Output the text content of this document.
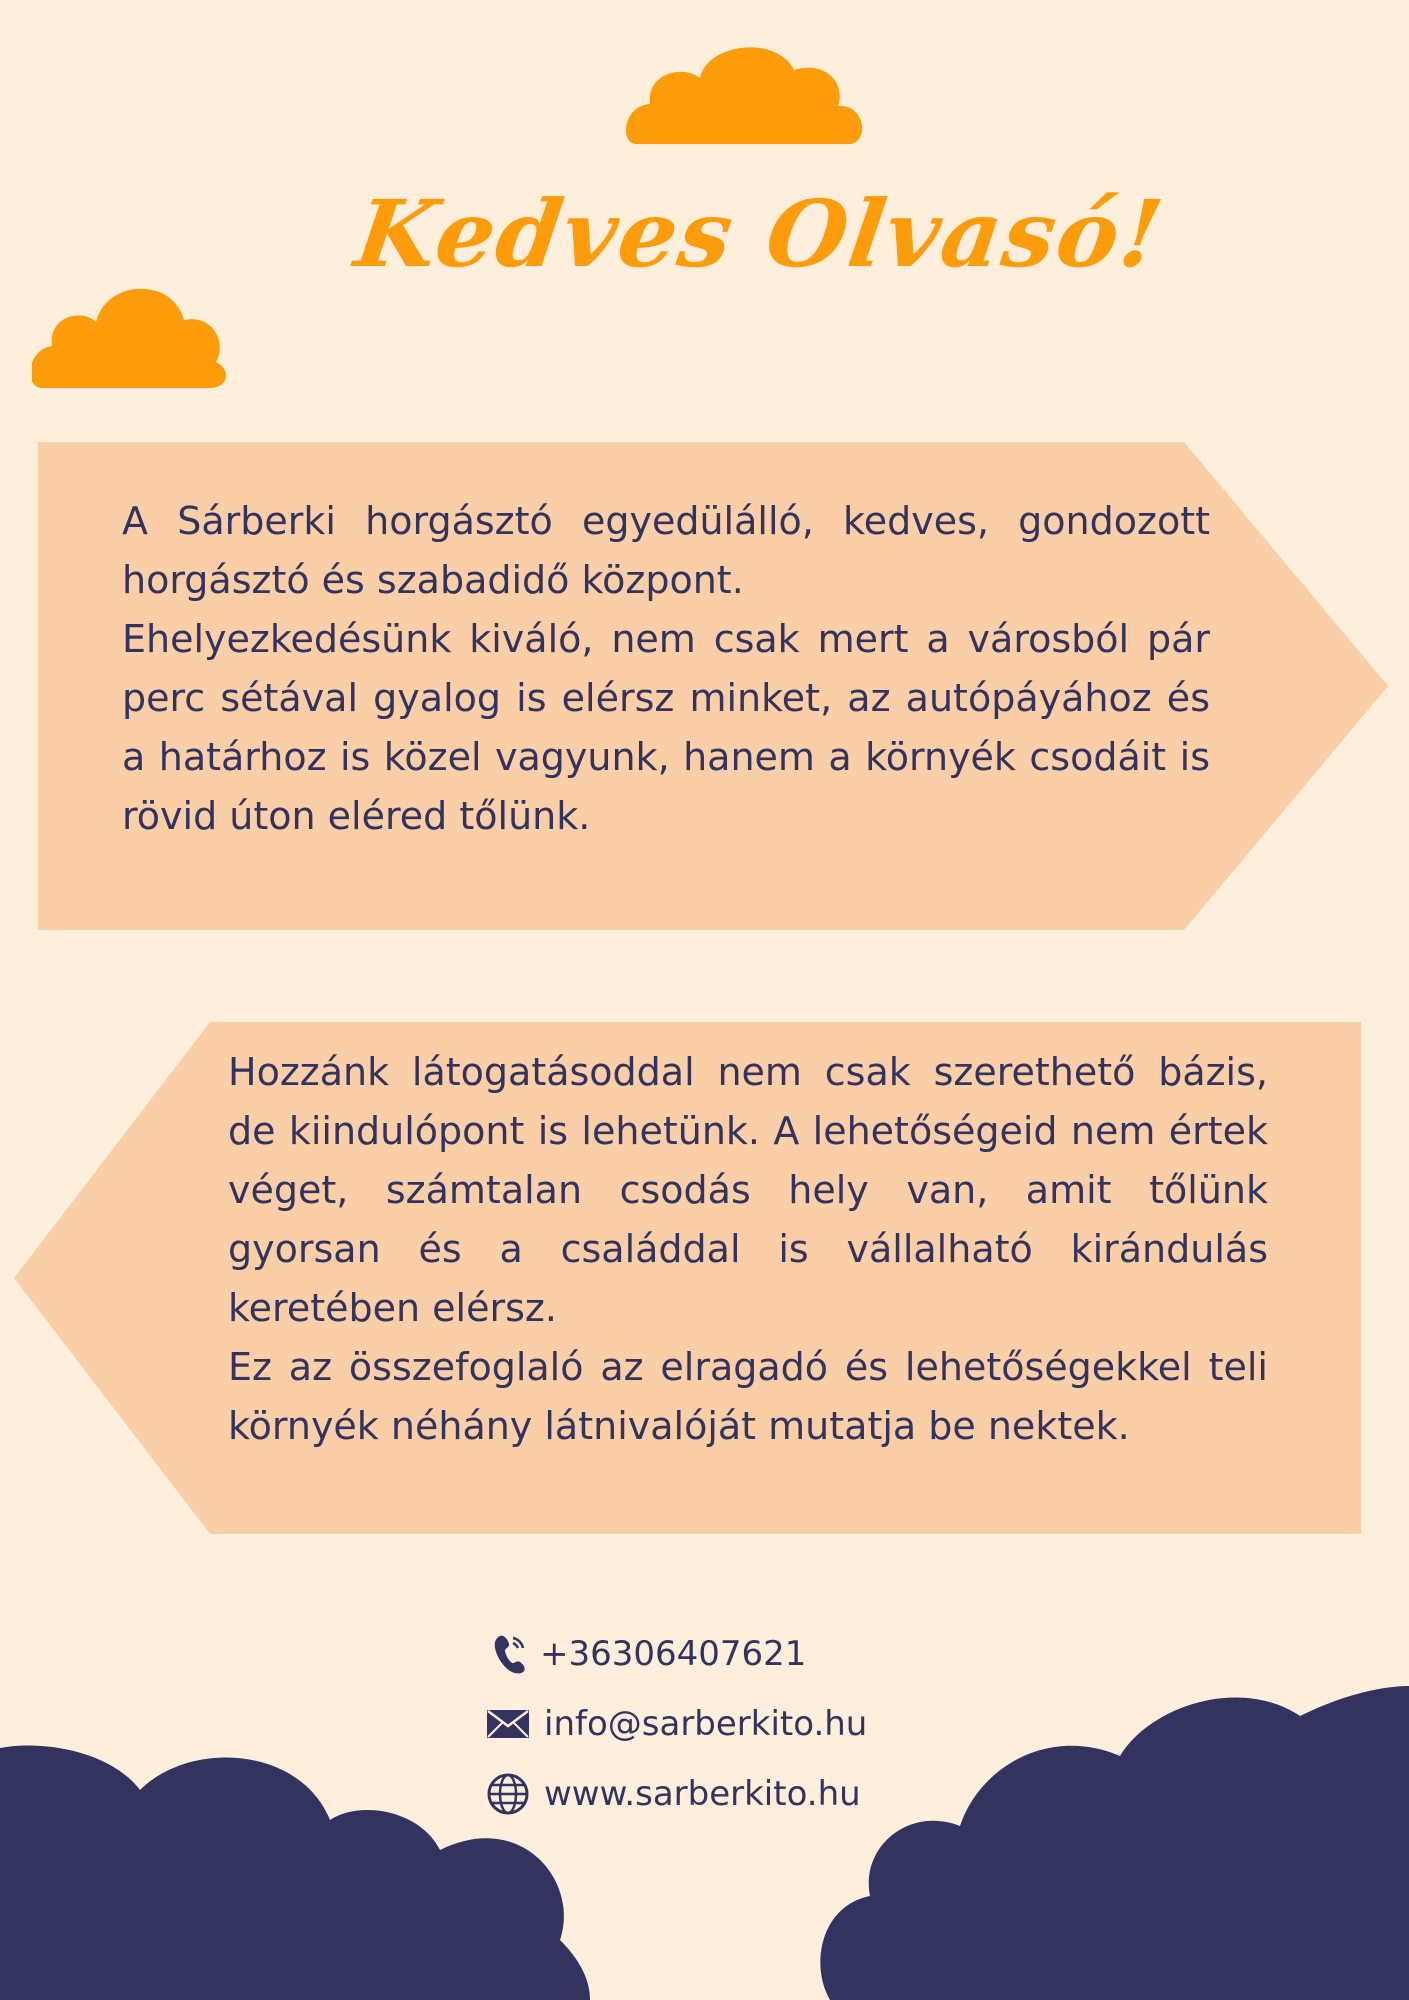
Kedves Olvasó!

A Sárberki horgásztó egyedülálló, kedves, gondozott horgásztó és szabadidő központ.

Ehelyezkedésünk kiváló, nem csak mert a városból pár perc sétával gyalog is elérsz minket, az autópáyához és a határhoz is közel vagyunk, hanem a környék csodáit is rövid úton eléred tőlünk.

Hozzánk látogatásoddal nem csak szerethető bázis, de kiindulópont is lehetünk. A lehetőségeid nem értek véget, számtalan csodás hely van, amit tőlünk gyorsan és a családdal is vállalható kirándulás keretében elérsz.

Ez az összefoglaló az elragadó és lehetőségekkel teli környék néhány látnivalóját mutatja be nektek.

+36306407621
info@sarberkito.hu
www.sarberkito.hu
